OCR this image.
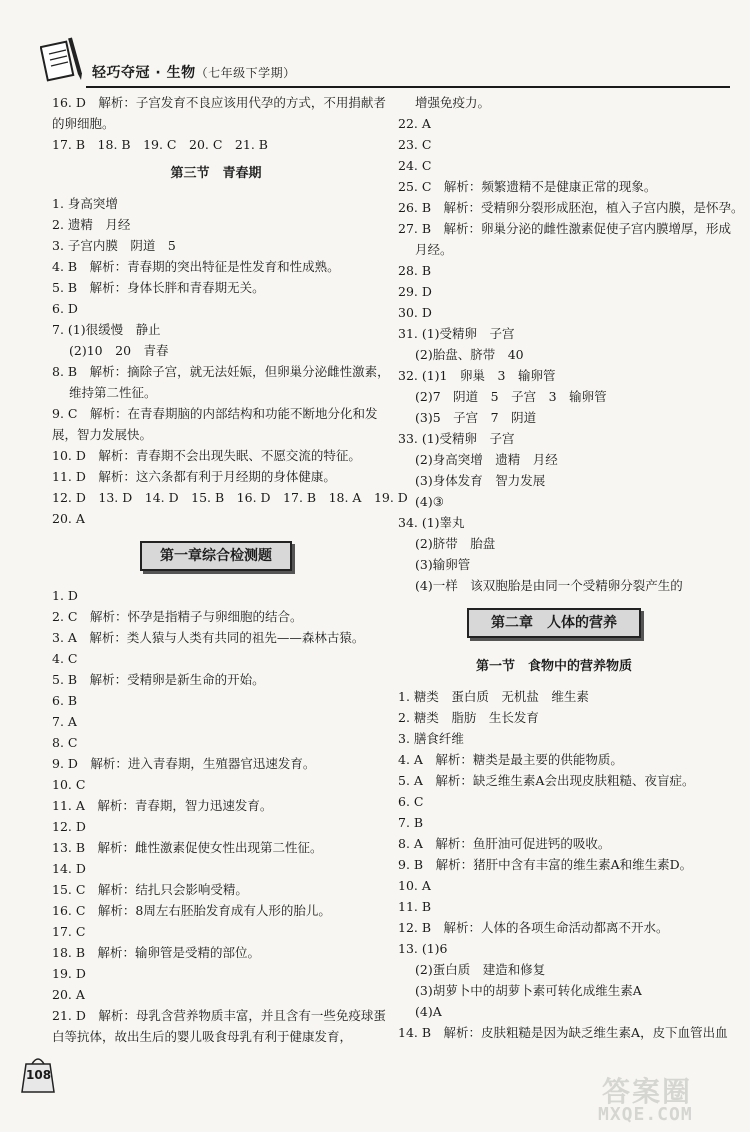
轻巧夺冠 · 生物（七年级下学期）
16. D　解析：子宫发育不良应该用代孕的方式，不用捐献者
的卵细胞。
17. B　18. B　19. C　20. C　21. B
第三节　青春期
1. 身高突增
2. 遗精　月经
3. 子宫内膜　阴道　5
4. B　解析：青春期的突出特征是性发育和性成熟。
5. B　解析：身体长胖和青春期无关。
6. D
7. (1)很缓慢　静止
(2)10　20　青春
8. B　解析：摘除子宫，就无法妊娠，但卵巢分泌雌性激素，
维持第二性征。
9. C　解析：在青春期脑的内部结构和功能不断地分化和发
展，智力发展快。
10. D　解析：青春期不会出现失眠、不愿交流的特征。
11. D　解析：这六条都有利于月经期的身体健康。
12. D　13. D　14. D　15. B　16. D　17. B　18. A　19. D
20. A
第一章综合检测题
1. D
2. C　解析：怀孕是指精子与卵细胞的结合。
3. A　解析：类人猿与人类有共同的祖先——森林古猿。
4. C
5. B　解析：受精卵是新生命的开始。
6. B
7. A
8. C
9. D　解析：进入青春期，生殖器官迅速发育。
10. C
11. A　解析：青春期，智力迅速发育。
12. D
13. B　解析：雌性激素促使女性出现第二性征。
14. D
15. C　解析：结扎只会影响受精。
16. C　解析：8周左右胚胎发育成有人形的胎儿。
17. C
18. B　解析：输卵管是受精的部位。
19. D
20. A
21. D　解析：母乳含营养物质丰富，并且含有一些免疫球蛋
白等抗体，故出生后的婴儿吸食母乳有利于健康发育，
增强免疫力。
22. A
23. C
24. C
25. C　解析：频繁遗精不是健康正常的现象。
26. B　解析：受精卵分裂形成胚泡，植入子宫内膜，是怀孕。
27. B　解析：卵巢分泌的雌性激素促使子宫内膜增厚，形成
月经。
28. B
29. D
30. D
31. (1)受精卵　子宫
(2)胎盘、脐带　40
32. (1)1　卵巢　3　输卵管
(2)7　阴道　5　子宫　3　输卵管
(3)5　子宫　7　阴道
33. (1)受精卵　子宫
(2)身高突增　遗精　月经
(3)身体发育　智力发展
(4)③
34. (1)睾丸
(2)脐带　胎盘
(3)输卵管
(4)一样　该双胞胎是由同一个受精卵分裂产生的
第二章　人体的营养
第一节　食物中的营养物质
1. 糖类　蛋白质　无机盐　维生素
2. 糖类　脂肪　生长发育
3. 膳食纤维
4. A　解析：糖类是最主要的供能物质。
5. A　解析：缺乏维生素A会出现皮肤粗糙、夜盲症。
6. C
7. B
8. A　解析：鱼肝油可促进钙的吸收。
9. B　解析：猪肝中含有丰富的维生素A和维生素D。
10. A
11. B
12. B　解析：人体的各项生命活动都离不开水。
13. (1)6
(2)蛋白质　建造和修复
(3)胡萝卜中的胡萝卜素可转化成维生素A
(4)A
14. B　解析：皮肤粗糙是因为缺乏维生素A，皮下血管出血
108	答案圈
MXQE.COM
